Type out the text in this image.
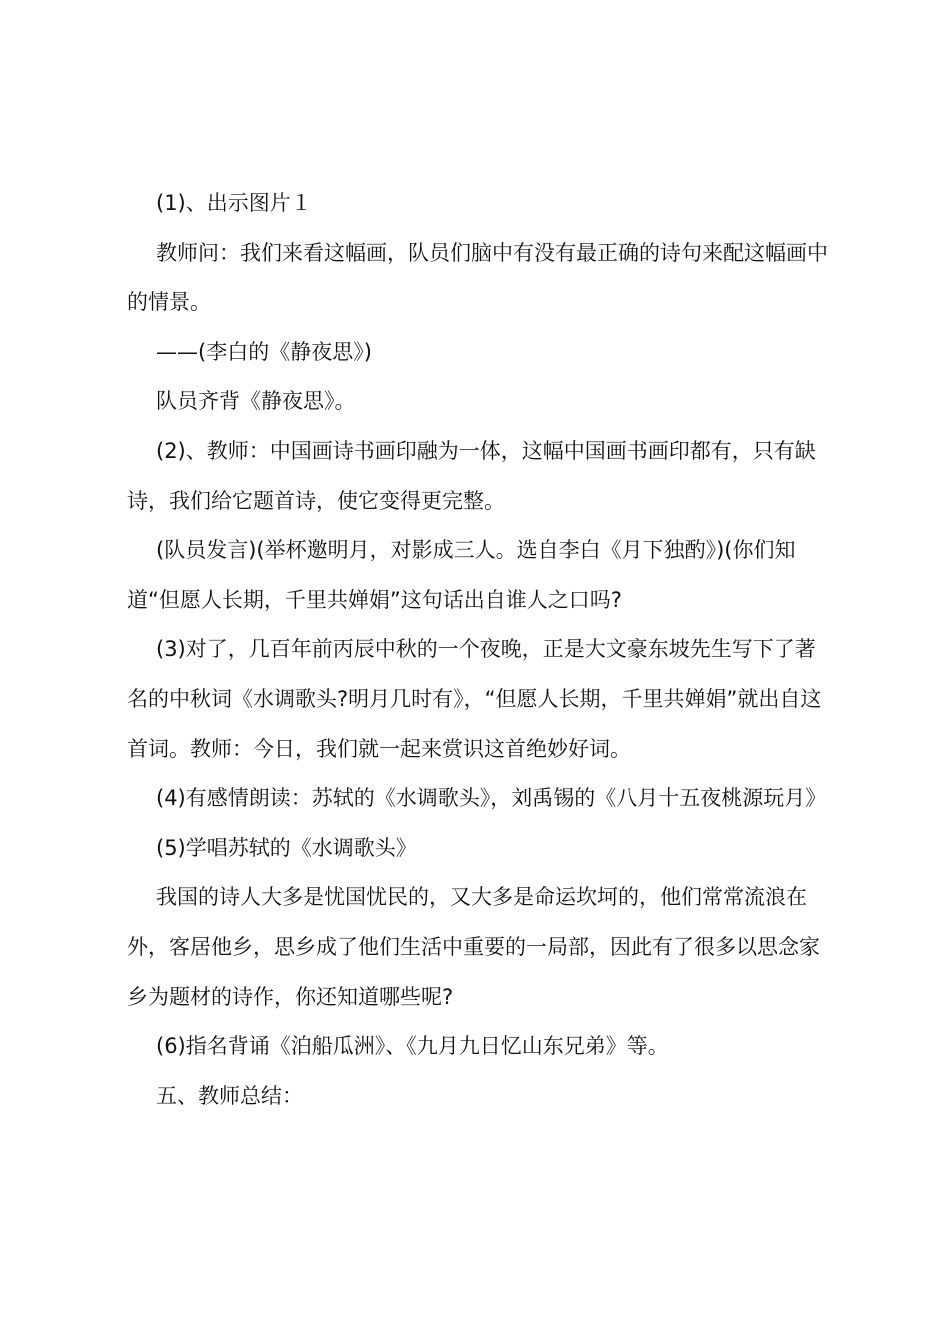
(1)、出示图片１

教师问：我们来看这幅画，队员们脑中有没有最正确的诗句来配这幅画中的情景。

——(李白的《静夜思》)

队员齐背《静夜思》。

(2)、教师：中国画诗书画印融为一体，这幅中国画书画印都有，只有缺诗，我们给它题首诗，使它变得更完整。

(队员发言)(举杯邀明月，对影成三人。选自李白《月下独酌》)(你们知道“但愿人长期，千里共婵娟”这句话出自谁人之口吗?

(3)对了，几百年前丙辰中秋的一个夜晚，正是大文豪东坡先生写下了著名的中秋词《水调歌头?明月几时有》，“但愿人长期，千里共婵娟”就出自这首词。教师：今日，我们就一起来赏识这首绝妙好词。

(4)有感情朗读：苏轼的《水调歌头》，刘禹锡的《八月十五夜桃源玩月》

(5)学唱苏轼的《水调歌头》

我国的诗人大多是忧国忧民的，又大多是命运坎坷的，他们常常流浪在外，客居他乡，思乡成了他们生活中重要的一局部，因此有了很多以思念家乡为题材的诗作，你还知道哪些呢?

(6)指名背诵《泊船瓜洲》、《九月九日忆山东兄弟》等。

五、教师总结：
